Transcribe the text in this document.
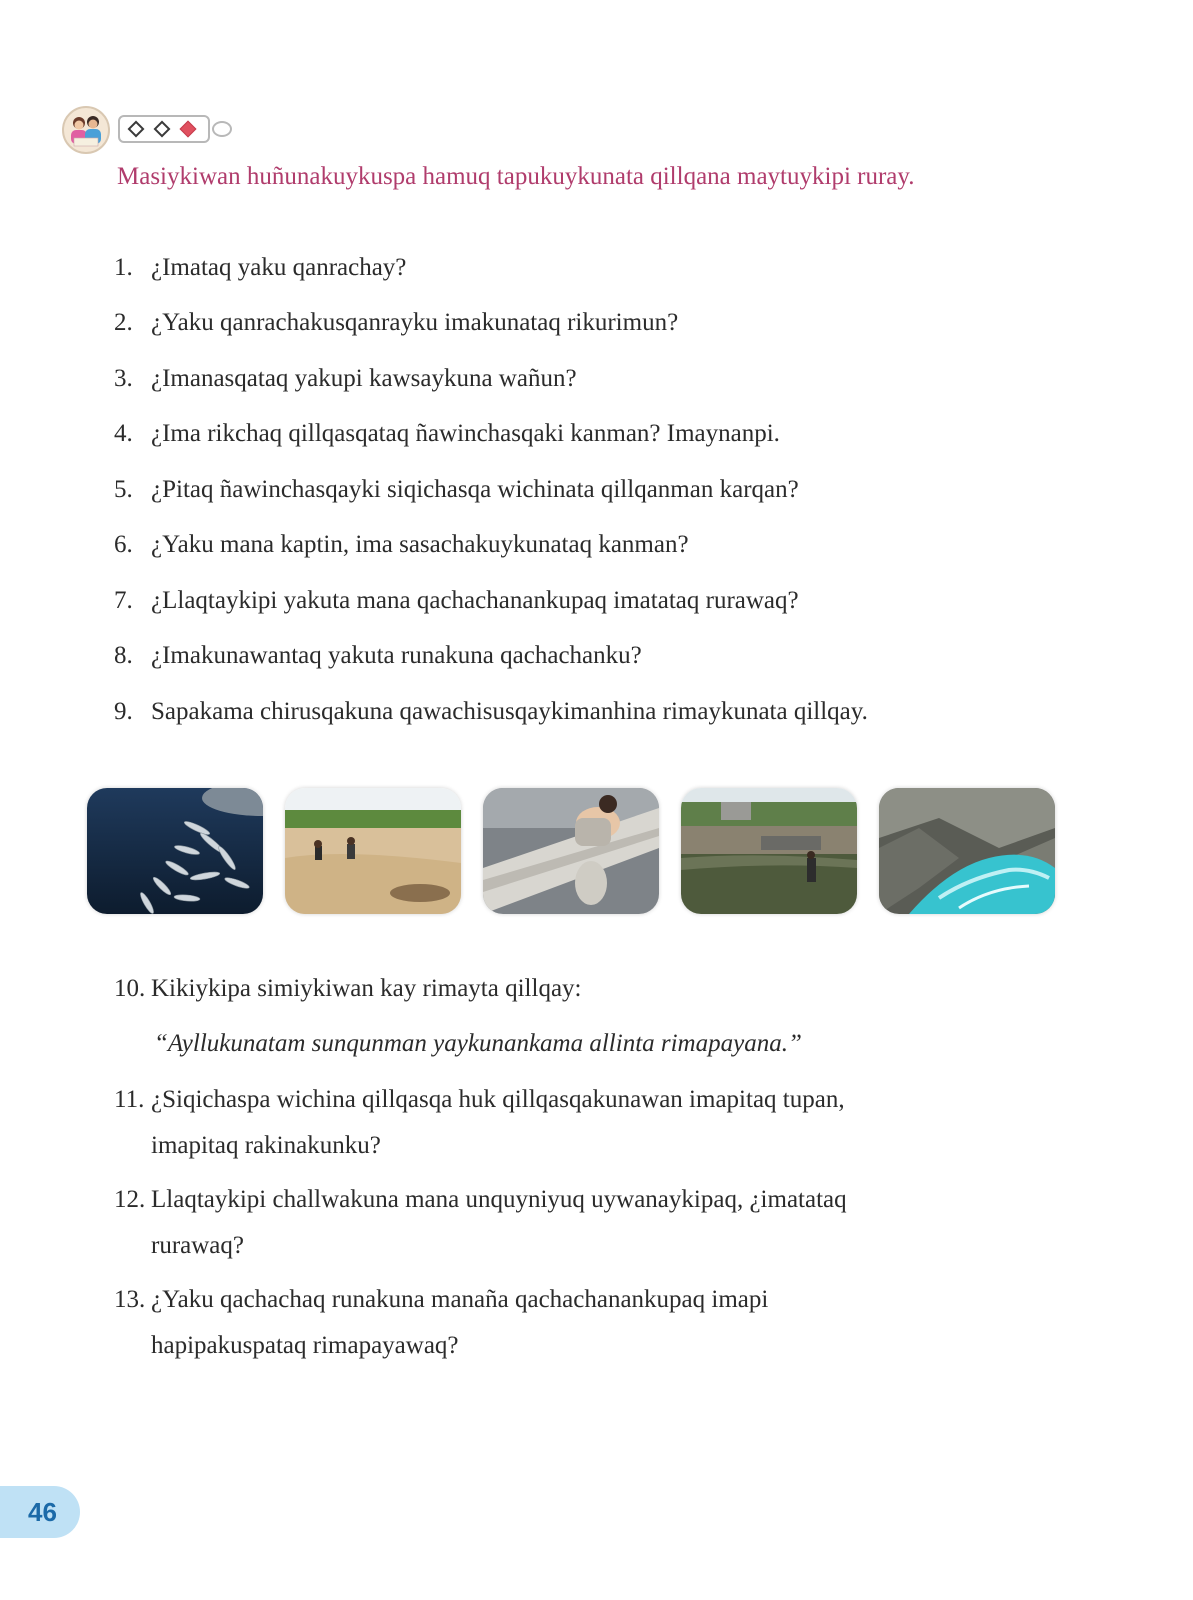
Masiykiwan huñunakuykuspa hamuq tapukuykunata qillqana maytuykipi ruray.
1. ¿Imataq yaku qanrachay?
2. ¿Yaku qanrachakusqanrayku imakunataq rikurimun?
3. ¿Imanasqataq yakupi kawsaykuna wañun?
4. ¿Ima rikchaq qillqasqataq ñawinchasqaki kanman? Imaynanpi.
5. ¿Pitaq ñawinchasqayki siqichasqa wichinata qillqanman karqan?
6. ¿Yaku mana kaptin, ima sasachakuykunataq kanman?
7. ¿Llaqtaykipi yakuta mana qachachanankupaq imatataq rurawaq?
8. ¿Imakunawantaq yakuta runakuna qachachanku?
9. Sapakama chirusqakuna qawachisusqaykimanhina rimaykunata qillqay.
10. Kikiykipa simiykiwan kay rimayta qillqay:
“Ayllukunatam sunqunman yaykunankama allinta rimapayana.”
11. ¿Siqichaspa wichina qillqasqa huk qillqasqakunawan imapitaq tupan,
imapitaq rakinakunku?
12. Llaqtaykipi challwakuna mana unquyniyuq uywanaykipaq, ¿imatataq
rurawaq?
13. ¿Yaku qachachaq runakuna manaña qachachanankupaq imapi
hapipakuspataq rimapayawaq?
46
